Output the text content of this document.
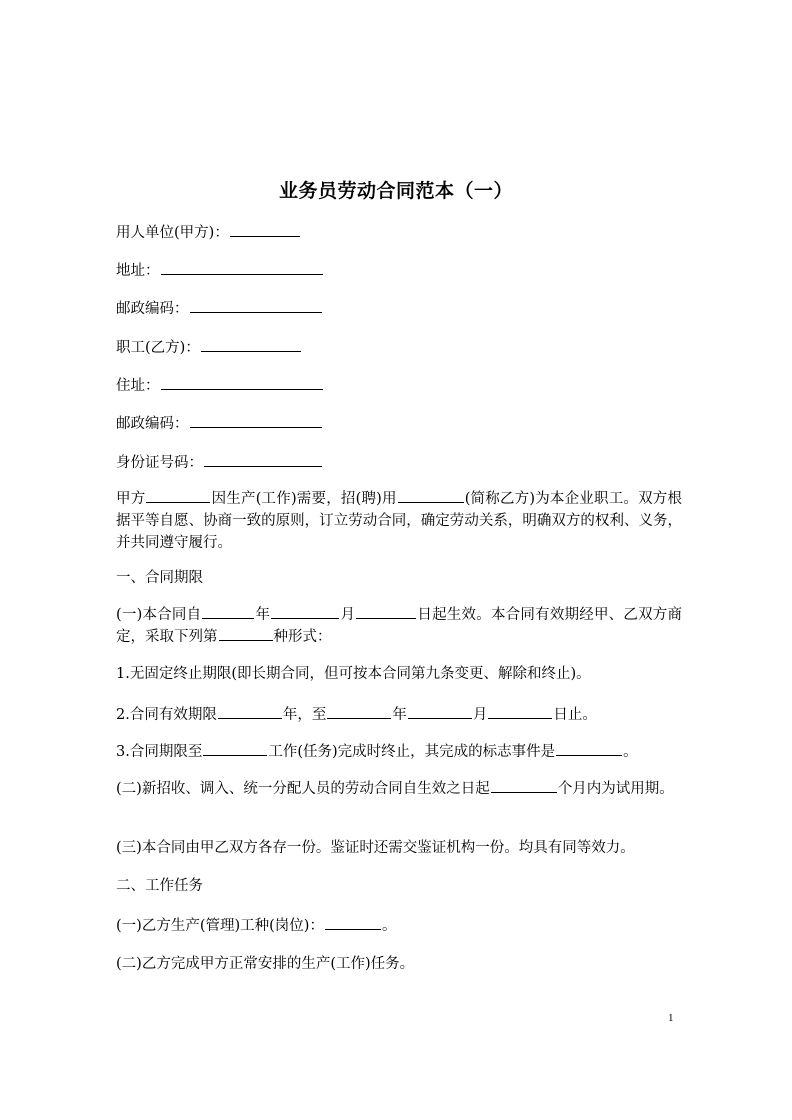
业务员劳动合同范本（一）
用人单位(甲方)：
地址：
邮政编码：
职工(乙方)：
住址：
邮政编码：
身份证号码：
甲方	因生产(工作)需要，招(聘)用	(简称乙方)为本企业职工。双方根据平等自愿、协商一致的原则，订立劳动合同，确定劳动关系，明确双方的权利、义务，并共同遵守履行。
一、合同期限
(一)本合同自	年	月	日起生效。本合同有效期经甲、乙双方商定，采取下列第	种形式：
1.无固定终止期限(即长期合同，但可按本合同第九条变更、解除和终止)。
2.合同有效期限	年，至	年	月	日止。
3.合同期限至	工作(任务)完成时终止，其完成的标志事件是	。
(二)新招收、调入、统一分配人员的劳动合同自生效之日起	个月内为试用期。
(三)本合同由甲乙双方各存一份。鉴证时还需交鉴证机构一份。均具有同等效力。
二、工作任务
(一)乙方生产(管理)工种(岗位)：	。
(二)乙方完成甲方正常安排的生产(工作)任务。
1
